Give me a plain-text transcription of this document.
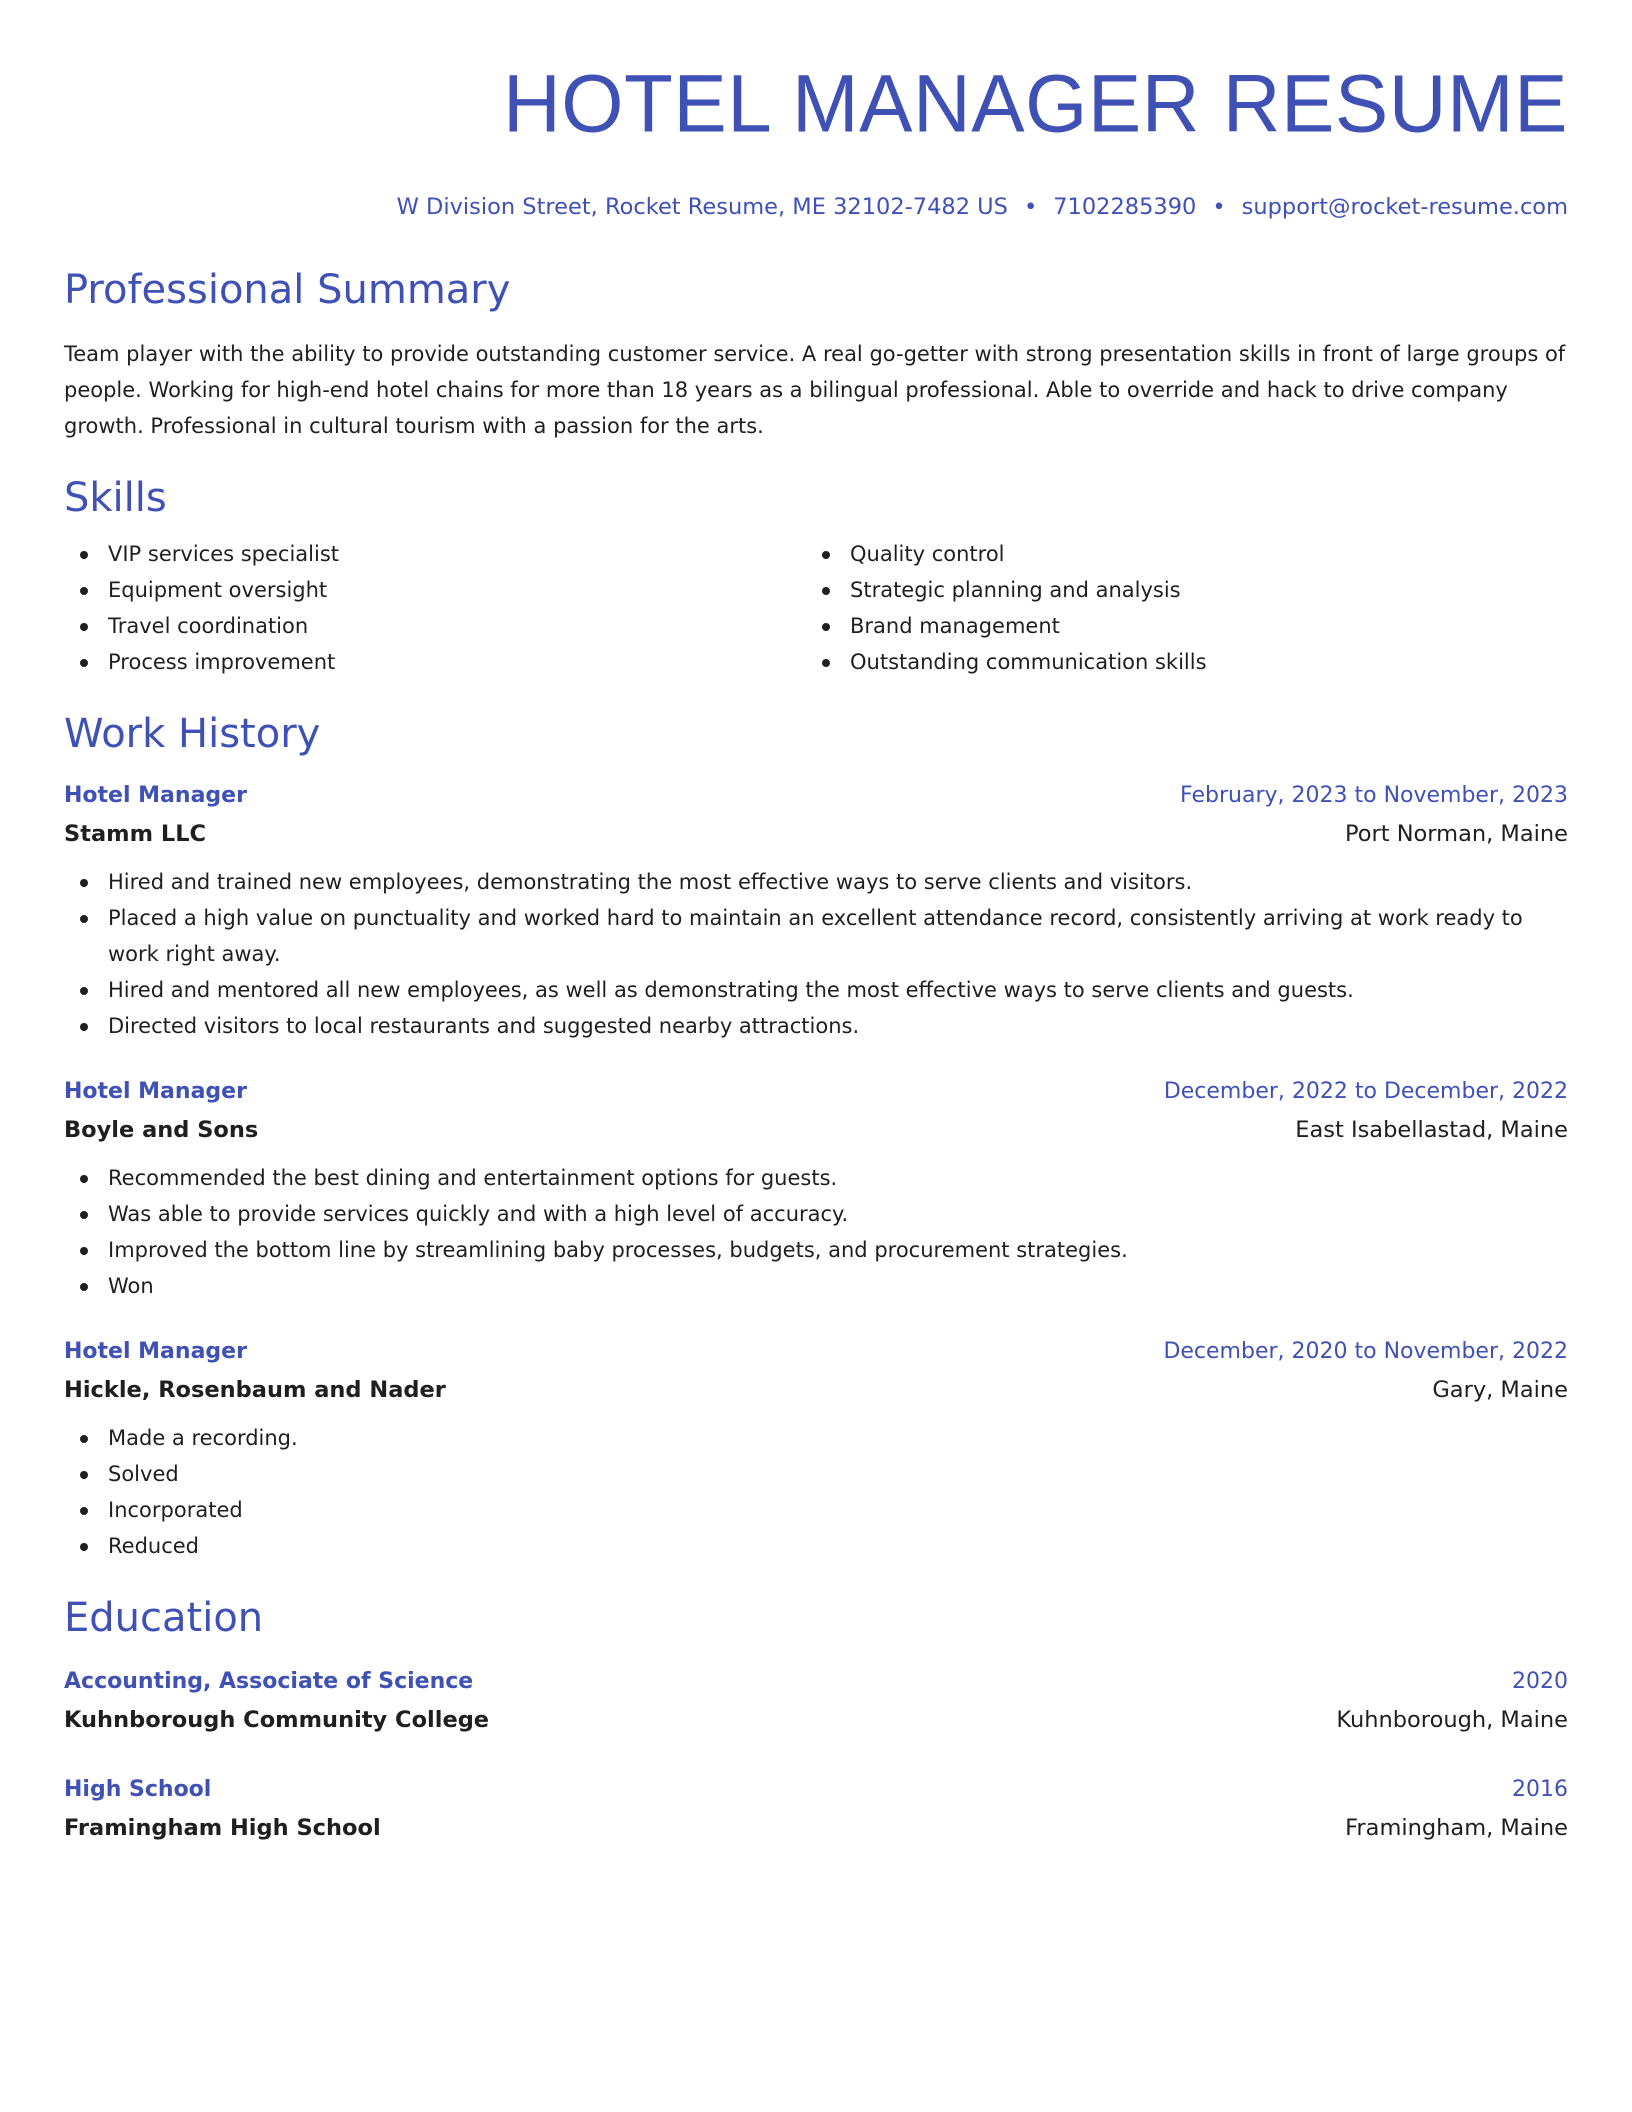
HOTEL MANAGER RESUME
W Division Street, Rocket Resume, ME 32102-7482 US • 7102285390 • support@rocket-resume.com
Professional Summary

Team player with the ability to provide outstanding customer service. A real go-getter with strong presentation skills in front of large groups of people. Working for high-end hotel chains for more than 18 years as a bilingual professional. Able to override and hack to drive company growth. Professional in cultural tourism with a passion for the arts.

Skills
VIP services specialist
Equipment oversight
Travel coordination
Process improvement
Quality control
Strategic planning and analysis
Brand management
Outstanding communication skills
Work History
Hotel Manager	February, 2023 to November, 2023
Stamm LLC	Port Norman, Maine
Hired and trained new employees, demonstrating the most effective ways to serve clients and visitors.
Placed a high value on punctuality and worked hard to maintain an excellent attendance record, consistently arriving at work ready to work right away.
Hired and mentored all new employees, as well as demonstrating the most effective ways to serve clients and guests.
Directed visitors to local restaurants and suggested nearby attractions.
Hotel Manager	December, 2022 to December, 2022
Boyle and Sons	East Isabellastad, Maine
Recommended the best dining and entertainment options for guests.
Was able to provide services quickly and with a high level of accuracy.
Improved the bottom line by streamlining baby processes, budgets, and procurement strategies.
Won
Hotel Manager	December, 2020 to November, 2022
Hickle, Rosenbaum and Nader	Gary, Maine
Made a recording.
Solved
Incorporated
Reduced
Education
Accounting, Associate of Science	2020
Kuhnborough Community College	Kuhnborough, Maine
High School	2016
Framingham High School	Framingham, Maine
